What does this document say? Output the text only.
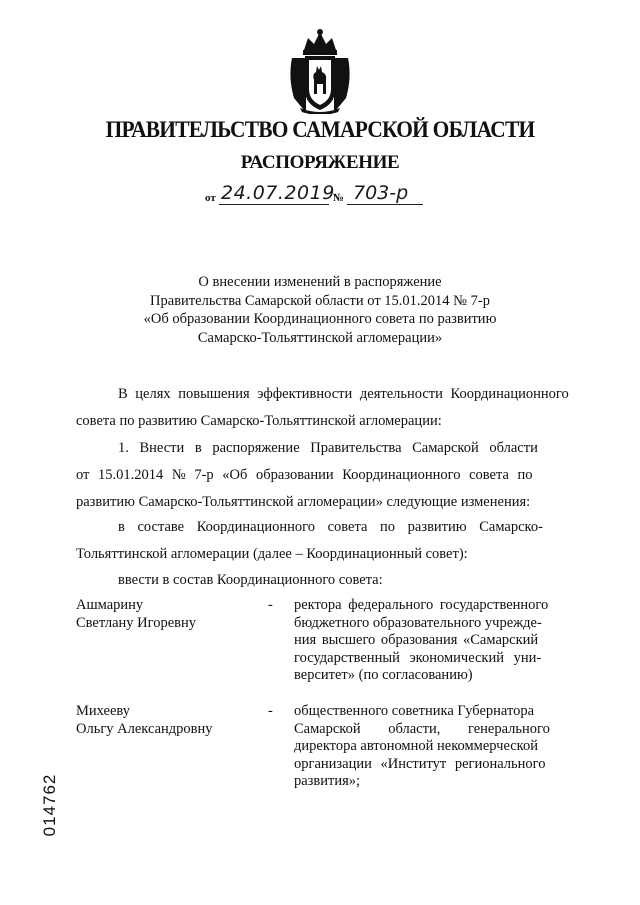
ПРАВИТЕЛЬСТВО САМАРСКОЙ ОБЛАСТИ
РАСПОРЯЖЕНИЕ
от 24.07.2019
№ 703-р
О внесении изменений в распоряжение
Правительства Самарской области от 15.01.2014 № 7-р
«Об образовании Координационного совета по развитию
Самарско-Тольяттинской агломерации»
В целях повышения эффективности деятельности Координационного
совета по развитию Самарско-Тольяттинской агломерации:
1. Внести в распоряжение Правительства Самарской области
от 15.01.2014 № 7-р «Об образовании Координационного совета по
развитию Самарско-Тольяттинской агломерации» следующие изменения:
в составе Координационного совета по развитию Самарско-
Тольяттинской агломерации (далее – Координационный совет):
ввести в состав Координационного совета:
Ашмарину
Светлану Игоревну
- ректора федерального государственного
бюджетного образовательного учрежде-
ния высшего образования «Самарский
государственный экономический уни-
верситет» (по согласованию)
Михееву
Ольгу Александровну
- общественного советника Губернатора
Самарской области, генерального
директора автономной некоммерческой
организации «Институт регионального
развития»;
014762
